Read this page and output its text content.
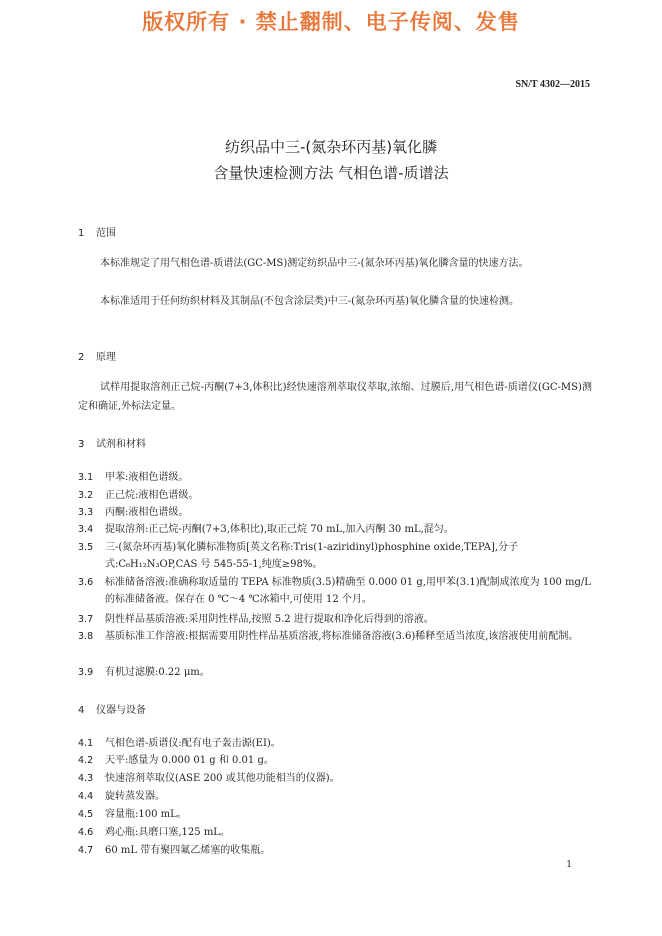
版权所有 · 禁止翻制、电子传阅、发售
SN/T 4302—2015
纺织品中三-(氮杂环丙基)氧化膦
含量快速检测方法 气相色谱-质谱法
1 范围
本标准规定了用气相色谱-质谱法(GC-MS)测定纺织品中三-(氮杂环丙基)氧化膦含量的快速方法。
本标准适用于任何纺织材料及其制品(不包含涂层类)中三-(氮杂环丙基)氧化膦含量的快速检测。
2 原理
试样用提取溶剂正己烷-丙酮(7+3,体积比)经快速溶剂萃取仪萃取,浓缩、过膜后,用气相色谱-质谱仪(GC-MS)测定和确证,外标法定量。
3 试剂和材料
3.1 甲苯:液相色谱级。
3.2 正己烷:液相色谱级。
3.3 丙酮:液相色谱级。
3.4 提取溶剂:正己烷-丙酮(7+3,体积比),取正己烷 70 mL,加入丙酮 30 mL,混匀。
3.5 三-(氮杂环丙基)氧化膦标准物质[英文名称:Tris(1-aziridinyl)phosphine oxide,TEPA],分子式:C₆H₁₂N₃OP,CAS 号 545-55-1,纯度≥98%。
3.6 标准储备溶液:准确称取适量的 TEPA 标准物质(3.5)精确至 0.000 01 g,用甲苯(3.1)配制成浓度为 100 mg/L 的标准储备液。保存在 0 ℃～4 ℃冰箱中,可使用 12 个月。
3.7 阴性样品基质溶液:采用阴性样品,按照 5.2 进行提取和净化后得到的溶液。
3.8 基质标准工作溶液:根据需要用阴性样品基质溶液,将标准储备溶液(3.6)稀释至适当浓度,该溶液使用前配制。
3.9 有机过滤膜:0.22 μm。
4 仪器与设备
4.1 气相色谱-质谱仪:配有电子轰击源(EI)。
4.2 天平:感量为 0.000 01 g 和 0.01 g。
4.3 快速溶剂萃取仪(ASE 200 或其他功能相当的仪器)。
4.4 旋转蒸发器。
4.5 容量瓶:100 mL。
4.6 鸡心瓶:具磨口塞,125 mL。
4.7 60 mL 带有聚四氟乙烯塞的收集瓶。
1
